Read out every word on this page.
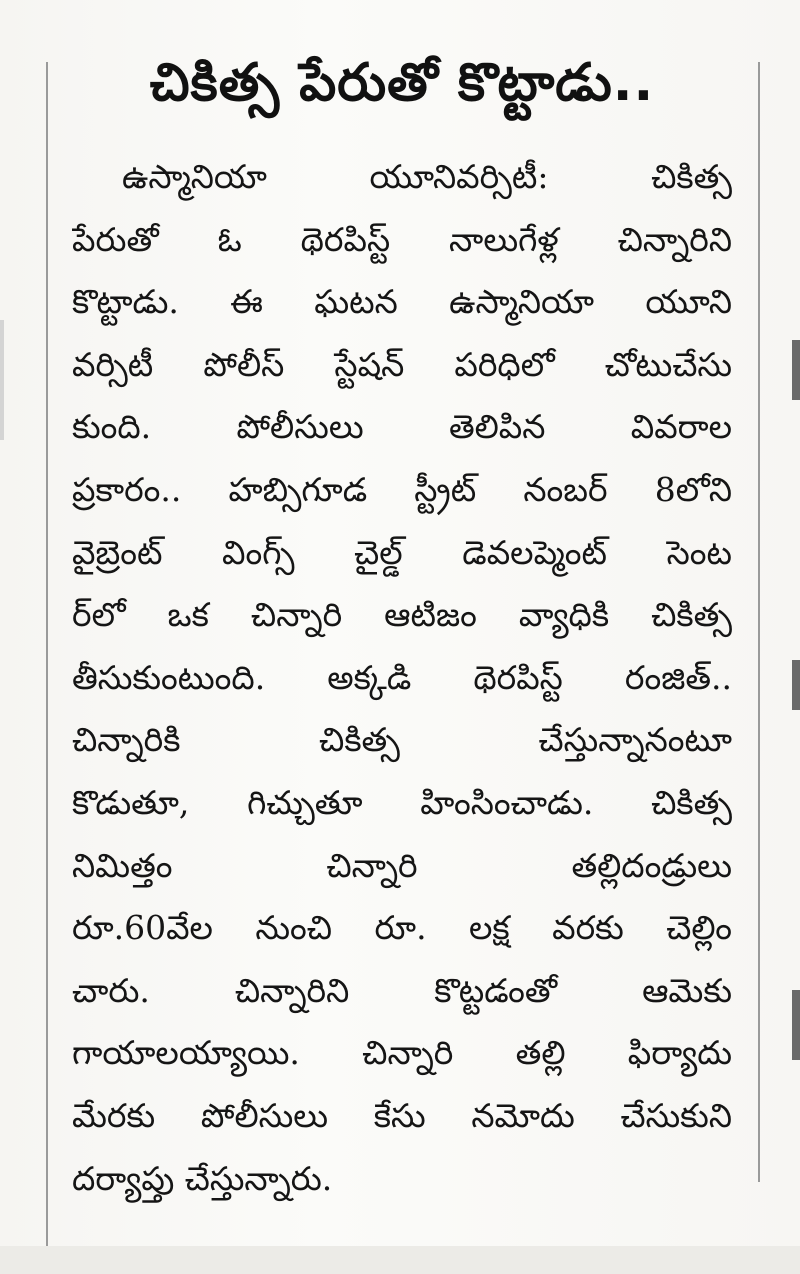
చికిత్స పేరుతో కొట్టాడు..
ఉస్మానియా యూనివర్సిటీ: చికిత్స
పేరుతో ఓ థెరపిస్ట్ నాలుగేళ్ల చిన్నారిని
కొట్టాడు. ఈ ఘటన ఉస్మానియా యూని
వర్సిటీ పోలీస్ స్టేషన్ పరిధిలో చోటుచేసు
కుంది. పోలీసులు తెలిపిన వివరాల
ప్రకారం.. హబ్సిగూడ స్ట్రీట్ నంబర్ 8లోని
వైబ్రెంట్ వింగ్స్ చైల్డ్ డెవలప్మెంట్ సెంట
ర్‌లో ఒక చిన్నారి ఆటిజం వ్యాధికి చికిత్స
తీసుకుంటుంది. అక్కడి థెరపిస్ట్ రంజిత్..
చిన్నారికి చికిత్స చేస్తున్నానంటూ
కొడుతూ, గిచ్చుతూ హింసించాడు. చికిత్స
నిమిత్తం చిన్నారి తల్లిదండ్రులు
రూ.60వేల నుంచి రూ. లక్ష వరకు చెల్లిం
చారు. చిన్నారిని కొట్టడంతో ఆమెకు
గాయాలయ్యాయి. చిన్నారి తల్లి ఫిర్యాదు
మేరకు పోలీసులు కేసు నమోదు చేసుకుని
దర్యాప్తు చేస్తున్నారు.
